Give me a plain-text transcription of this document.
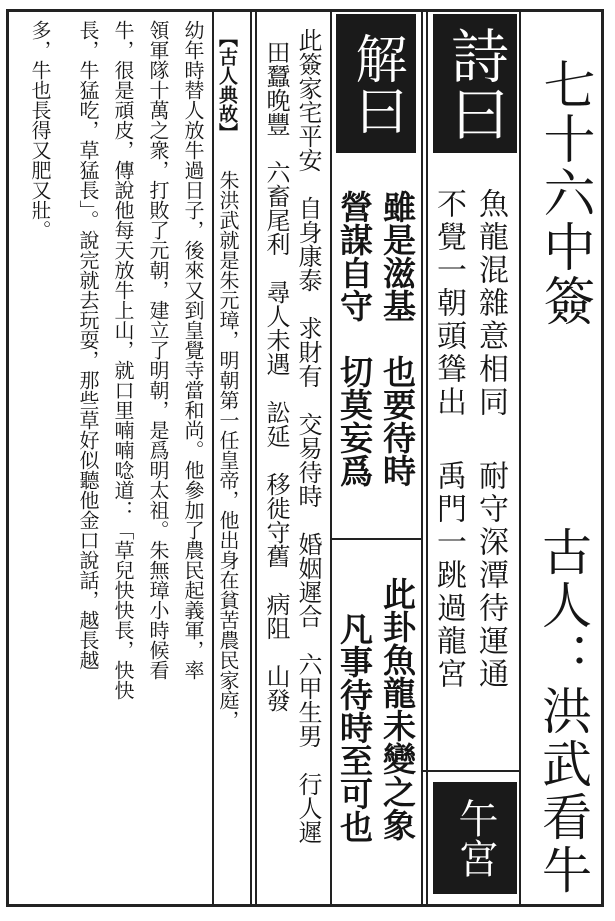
七十六中簽
古人：洪武看牛
詩曰
魚龍混雜意相同
不覺一朝頭聳出
耐守深潭待運通
禹門一跳過龍宮
午宮
解曰
雖是滋基　也要待時
營謀自守　切莫妄爲
此卦魚龍未變之象
凡事待時至可也
此簽家宅平安　自身康泰　求財有　交易待時　婚姻遲合　六甲生男　行人遲
田蠶晚豐　六畜尾利　尋人未遇　訟延　移徙守舊　病阻　山發
【古人典故】
朱洪武就是朱元璋，明朝第一任皇帝，他出身在貧苦農民家庭，
幼年時替人放牛過日子，後來又到皇覺寺當和尚。他參加了農民起義軍，率
領軍隊十萬之衆，打敗了元朝，建立了明朝，是爲明太祖。朱無璋小時候看
牛，很是頑皮，傳說他每天放牛上山，就口里喃喃唸道：「草兒快快長，快快
長，牛猛吃，草猛長」。說完就去玩耍，那些草好似聽他金口說話，越長越
多，牛也長得又肥又壯。
